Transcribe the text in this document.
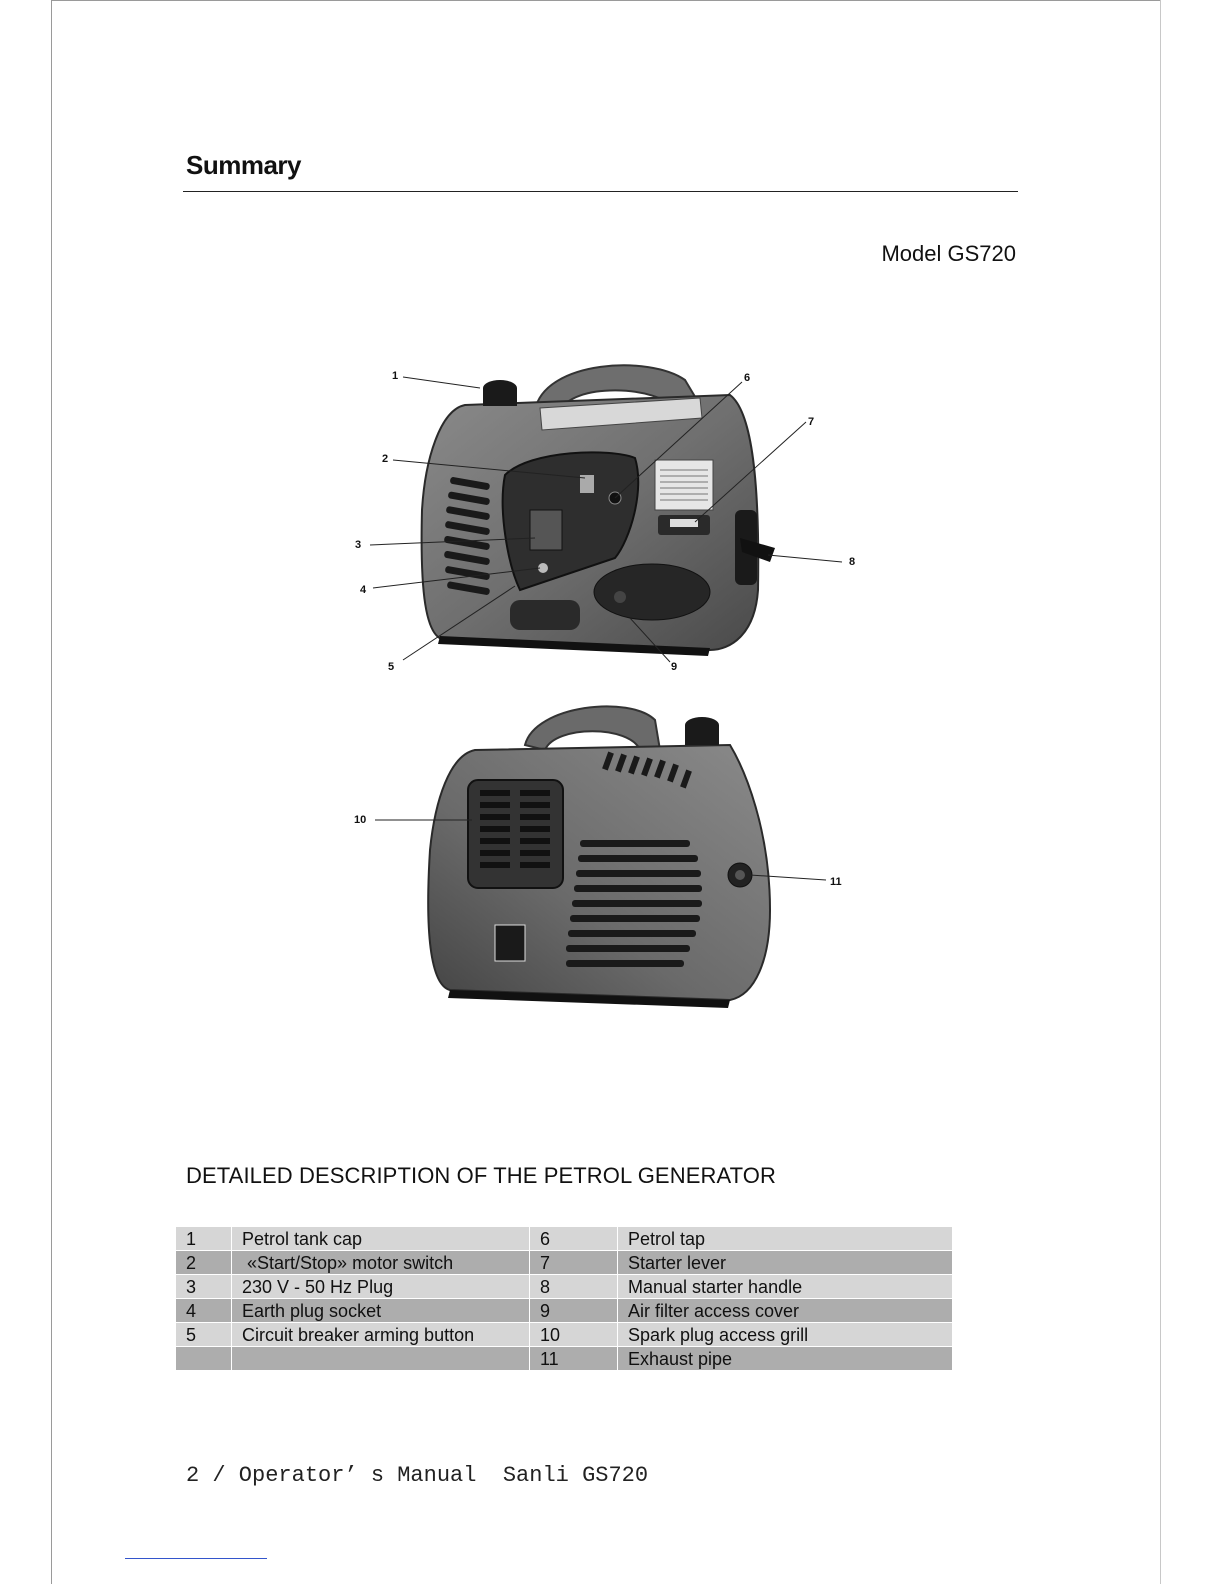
Summary
Model GS720
1
2
3
4
5
6
7
8
9
10
11
DETAILED DESCRIPTION OF THE PETROL GENERATOR
1	Petrol tank cap	6	Petrol tap
2	«Start/Stop» motor switch	7	Starter lever
3	230 V - 50 Hz Plug	8	Manual starter handle
4	Earth plug socket	9	Air filter access cover
5	Circuit breaker arming button	10	Spark plug access grill
		11	Exhaust pipe
2 / Operator’ s Manual  Sanli GS720
